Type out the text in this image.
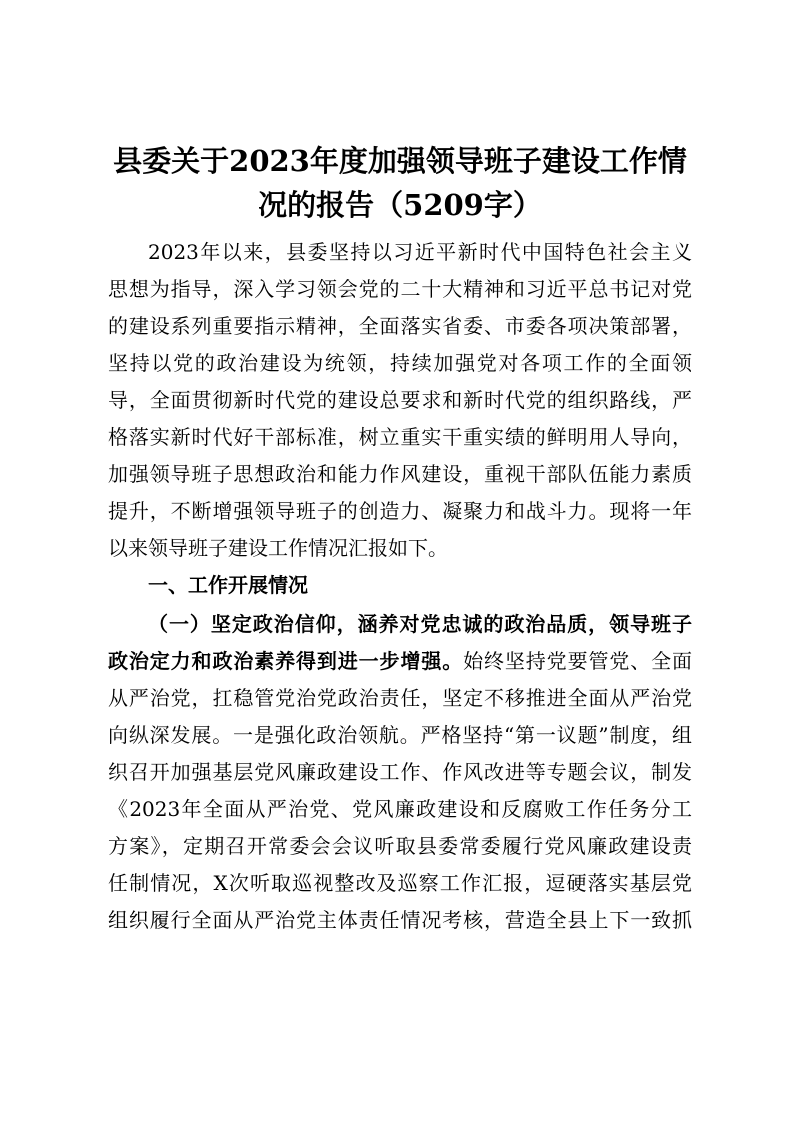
县委关于2023年度加强领导班子建设工作情
况的报告（5209字）
2023年以来，县委坚持以习近平新时代中国特色社会主义
思想为指导，深入学习领会党的二十大精神和习近平总书记对党
的建设系列重要指示精神，全面落实省委、市委各项决策部署，
坚持以党的政治建设为统领，持续加强党对各项工作的全面领
导，全面贯彻新时代党的建设总要求和新时代党的组织路线，严
格落实新时代好干部标准，树立重实干重实绩的鲜明用人导向，
加强领导班子思想政治和能力作风建设，重视干部队伍能力素质
提升，不断增强领导班子的创造力、凝聚力和战斗力。现将一年
以来领导班子建设工作情况汇报如下。
一、工作开展情况
（一）坚定政治信仰，涵养对党忠诚的政治品质，领导班子
政治定力和政治素养得到进一步增强。始终坚持党要管党、全面
从严治党，扛稳管党治党政治责任，坚定不移推进全面从严治党
向纵深发展。一是强化政治领航。严格坚持“第一议题”制度，组
织召开加强基层党风廉政建设工作、作风改进等专题会议，制发
《2023年全面从严治党、党风廉政建设和反腐败工作任务分工
方案》，定期召开常委会会议听取县委常委履行党风廉政建设责
任制情况，X次听取巡视整改及巡察工作汇报，逗硬落实基层党
组织履行全面从严治党主体责任情况考核，营造全县上下一致抓
